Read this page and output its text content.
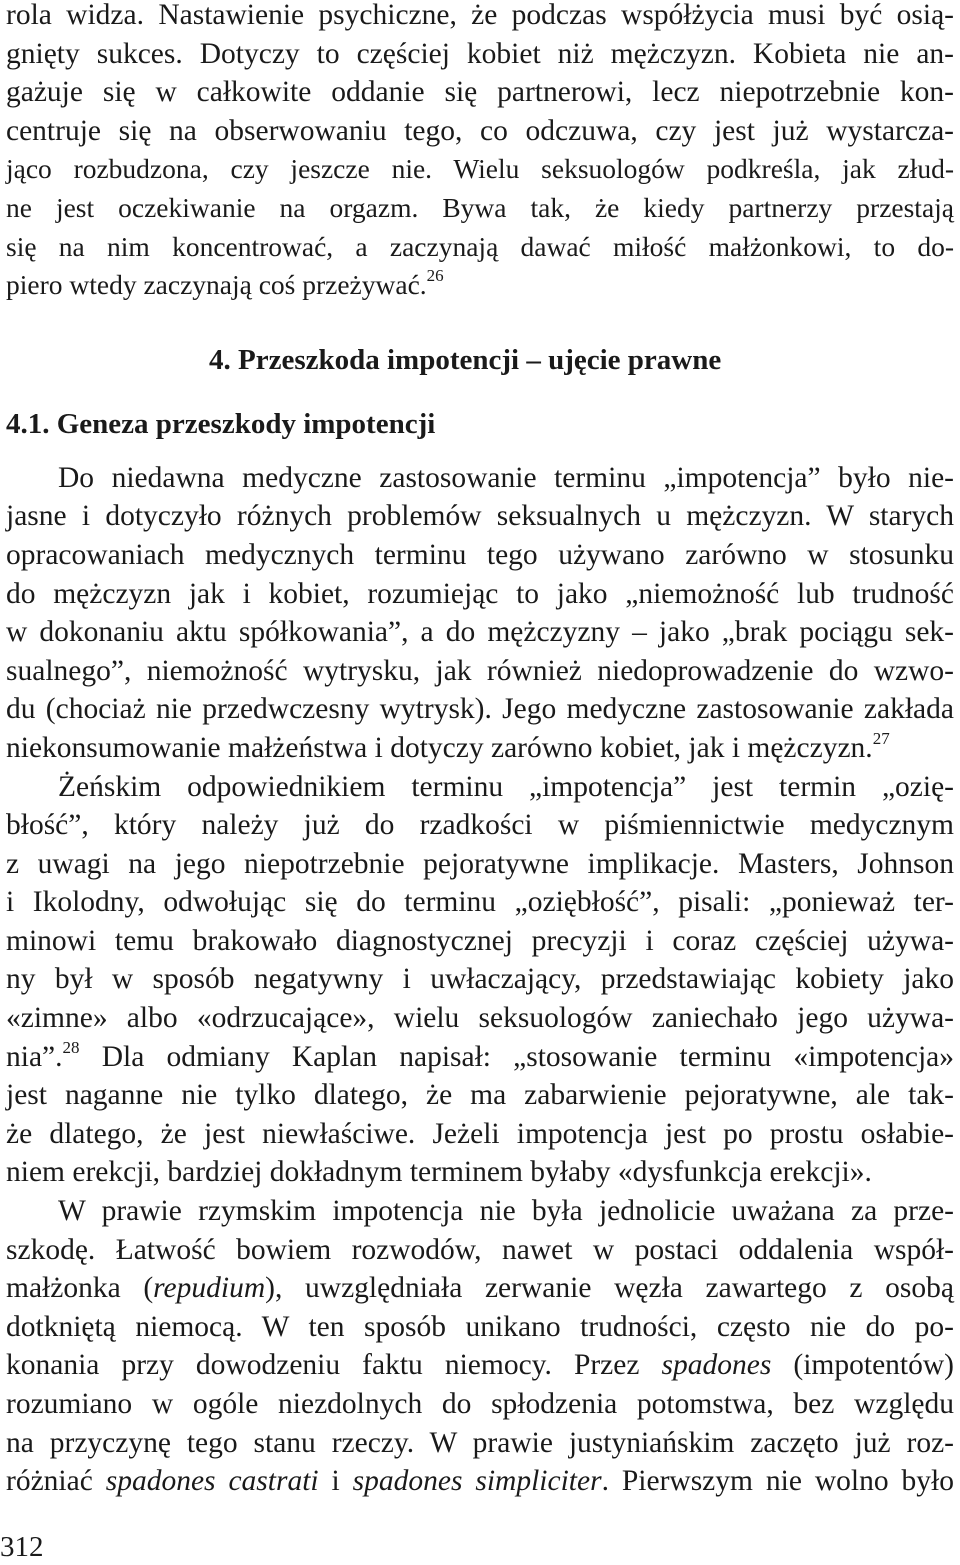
rola widza. Nastawienie psychiczne, że podczas współżycia musi być osią-
gnięty sukces. Dotyczy to częściej kobiet niż mężczyzn. Kobieta nie an-
gażuje się w całkowite oddanie się partnerowi, lecz niepotrzebnie kon-
centruje się na obserwowaniu tego, co odczuwa, czy jest już wystarcza-
jąco rozbudzona, czy jeszcze nie. Wielu seksuologów podkreśla, jak złud-
ne jest oczekiwanie na orgazm. Bywa tak, że kiedy partnerzy przestają
się na nim koncentrować, a zaczynają dawać miłość małżonkowi, to do-
piero wtedy zaczynają coś przeżywać.$^{26}$
4. Przeszkoda impotencji – ujęcie prawne
4.1. Geneza przeszkody impotencji
Do niedawna medyczne zastosowanie terminu „impotencja” było nie-
jasne i dotyczyło różnych problemów seksualnych u mężczyzn. W starych
opracowaniach medycznych terminu tego używano zarówno w stosunku
do mężczyzn jak i kobiet, rozumiejąc to jako „niemożność lub trudność
w dokonaniu aktu spółkowania”, a do mężczyzny – jako „brak pociągu sek-
sualnego”, niemożność wytrysku, jak również niedoprowadzenie do wzwo-
du (chociaż nie przedwczesny wytrysk). Jego medyczne zastosowanie zakłada
niekonsumowanie małżeństwa i dotyczy zarówno kobiet, jak i mężczyzn.$^{27}$
Żeńskim odpowiednikiem terminu „impotencja” jest termin „ozię-
błość”, który należy już do rzadkości w piśmiennictwie medycznym
z uwagi na jego niepotrzebnie pejoratywne implikacje. Masters, Johnson
i Ikolodny, odwołując się do terminu „oziębłość”, pisali: „ponieważ ter-
minowi temu brakowało diagnostycznej precyzji i coraz częściej używa-
ny był w sposób negatywny i uwłaczający, przedstawiając kobiety jako
«zimne» albo «odrzucające», wielu seksuologów zaniechało jego używa-
nia”.$^{28}$ Dla odmiany Kaplan napisał: „stosowanie terminu «impotencja»
jest naganne nie tylko dlatego, że ma zabarwienie pejoratywne, ale tak-
że dlatego, że jest niewłaściwe. Jeżeli impotencja jest po prostu osłabie-
niem erekcji, bardziej dokładnym terminem byłaby «dysfunkcja erekcji».
W prawie rzymskim impotencja nie była jednolicie uważana za prze-
szkodę. Łatwość bowiem rozwodów, nawet w postaci oddalenia współ-
małżonka (repudium), uwzględniała zerwanie węzła zawartego z osobą
dotkniętą niemocą. W ten sposób unikano trudności, często nie do po-
konania przy dowodzeniu faktu niemocy. Przez spadones (impotentów)
rozumiano w ogóle niezdolnych do spłodzenia potomstwa, bez względu
na przyczynę tego stanu rzeczy. W prawie justyniańskim zaczęto już roz-
różniać spadones castrati i spadones simpliciter. Pierwszym nie wolno było
312
